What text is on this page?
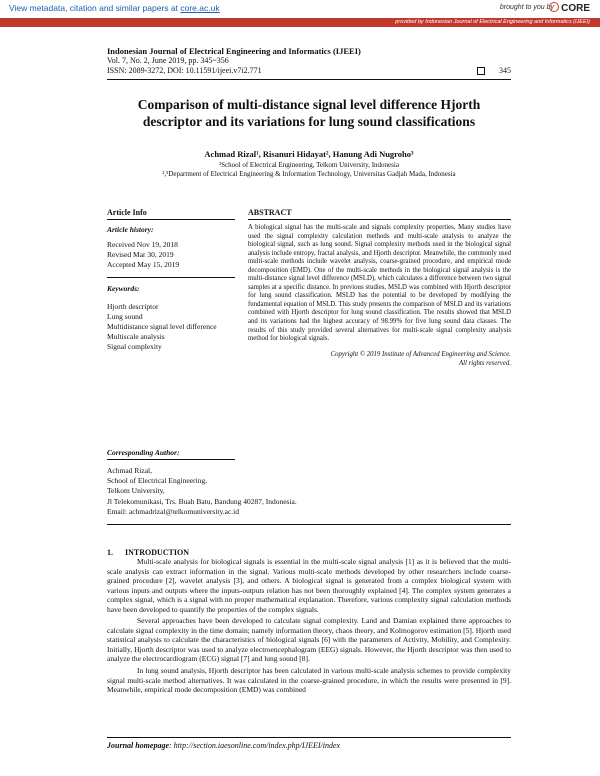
View metadata, citation and similar papers at core.ac.uk	brought to you by CORE
provided by Indonesian Journal of Electrical Engineering and Informatics (IJEEI)
Indonesian Journal of Electrical Engineering and Informatics (IJEEI)
Vol. 7, No. 2, June 2019, pp. 345~356
ISSN: 2089-3272, DOI: 10.11591/ijeei.v7i2.771	345
Comparison of multi-distance signal level difference Hjorth
descriptor and its variations for lung sound classifications
Achmad Rizal¹, Risanuri Hidayat², Hanung Adi Nugroho³
¹School of Electrical Engineering, Telkom University, Indonesia
²,³Department of Electrical Engineering & Information Technology, Universitas Gadjah Mada, Indonesia
Article Info
Article history:
Received Nov 19, 2018
Revised Mar 30, 2019
Accepted May 15, 2019
Keywords:
Hjorth descriptor
Lung sound
Multidistance signal level difference
Multiscale analysis
Signal complexity
ABSTRACT
A biological signal has the multi-scale and signals complexity properties. Many studies have used the signal complexity calculation methods and multi-scale analysis to analyze the biological signal, such as lung sound. Signal complexity methods used in the biological signal analysis include entropy, fractal analysis, and Hjorth descriptor. Meanwhile, the commonly used multi-scale methods include wavelet analysis, coarse-grained procedure, and empirical mode decomposition (EMD). One of the multi-scale methods in the biological signal analysis is the multi-distance signal level difference (MSLD), which calculates a difference between two signal samples at a specific distance. In previous studies, MSLD was combined with Hjorth descriptor for lung sound classification. MSLD has the potential to be developed by modifying the fundamental equation of MSLD. This study presents the comparison of MSLD and its variations combined with Hjorth descriptor for lung sound classification. The results showed that MSLD and its variations had the highest accuracy of 98.99% for five lung sound data classes. The results of this study provided several alternatives for multi-scale signal complexity analysis method for biological signals.
Copyright © 2019 Institute of Advanced Engineering and Science.
All rights reserved.
Corresponding Author:
Achmad Rizal,
School of Electrical Engineering,
Telkom University,
Jl Telekomunikasi, Trs. Buah Batu, Bandung 40287, Indonesia.
Email: achmadrizal@telkomuniversity.ac.id
1.      INTRODUCTION

Multi-scale analysis for biological signals is essential in the multi-scale signal analysis [1] as it is believed that the multi-scale analysis can extract information in the signal. Various multi-scale methods developed by other researchers include coarse-grained procedure [2], wavelet analysis [3], and others. A biological signal is generated from a complex biological system with various inputs and outputs where the inputs-outputs relation has not been thoroughly explained [4]. The complex system generates a complex signal, which is a signal with no proper mathematical explanation. Therefore, various complexity signal calculation methods have been developed to quantify the properties of the complex signals.

Several approaches have been developed to calculate signal complexity. Land and Damian explained three approaches to calculate signal complexity in the time domain; namely information theory, chaos theory, and Kolmogorov estimation [5]. Hjorth used statistical analysis to calculate the characteristics of biological signals [6] with the parameters of Activity, Mobility, and Complexity. Initially, Hjorth descriptor was used to analyze electroencephalogram (EEG) signals. However, the Hjorth descriptor was then used to analyze the electrocardiogram (ECG) signal [7] and lung sound [8].

In lung sound analysis, Hjorth descriptor has been calculated in various multi-scale analysis schemes to provide complexity signal multi-scale method alternatives. It was calculated in the coarse-grained procedure, in which the results were presented in [9]. Meanwhile, empirical mode decomposition (EMD) was combined

Journal homepage: http://section.iaesonline.com/index.php/IJEEI/index
